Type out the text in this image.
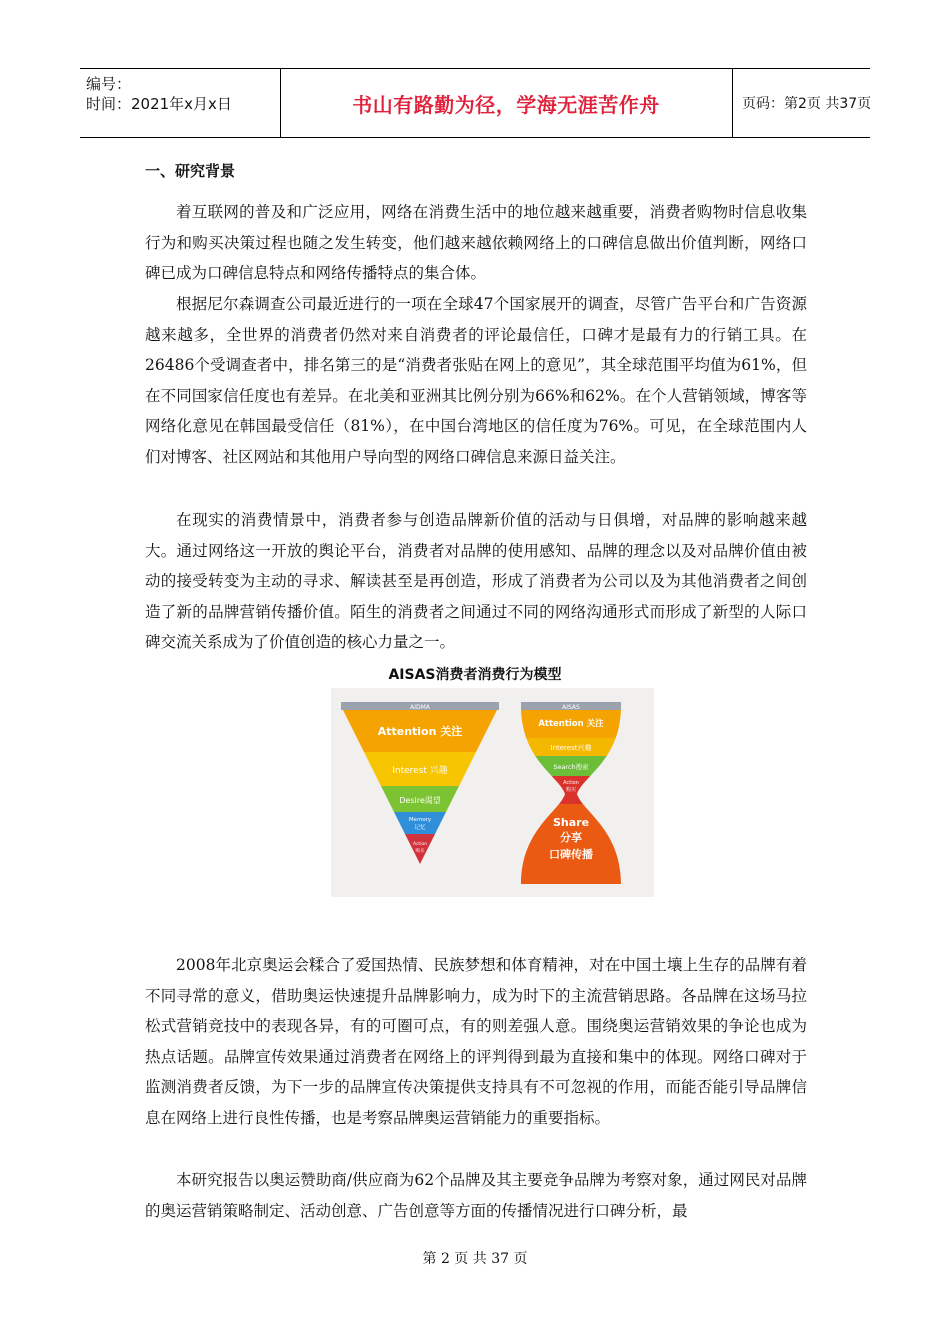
编号：
时间：2021年x月x日	书山有路勤为径，学海无涯苦作舟	页码：第2页 共37页
一、研究背景

着互联网的普及和广泛应用，网络在消费生活中的地位越来越重要，消费者购物时信息收集行为和购买决策过程也随之发生转变，他们越来越依赖网络上的口碑信息做出价值判断，网络口碑已成为口碑信息特点和网络传播特点的集合体。

根据尼尔森调查公司最近进行的一项在全球47个国家展开的调查，尽管广告平台和广告资源越来越多，全世界的消费者仍然对来自消费者的评论最信任，口碑才是最有力的行销工具。在26486个受调查者中，排名第三的是“消费者张贴在网上的意见”，其全球范围平均值为61%，但在不同国家信任度也有差异。在北美和亚洲其比例分别为66%和62%。在个人营销领域，博客等网络化意见在韩国最受信任（81%），在中国台湾地区的信任度为76%。可见，在全球范围内人们对博客、社区网站和其他用户导向型的网络口碑信息来源日益关注。

在现实的消费情景中，消费者参与创造品牌新价值的活动与日俱增，对品牌的影响越来越大。通过网络这一开放的舆论平台，消费者对品牌的使用感知、品牌的理念以及对品牌价值由被动的接受转变为主动的寻求、解读甚至是再创造，形成了消费者为公司以及为其他消费者之间创造了新的品牌营销传播价值。陌生的消费者之间通过不同的网络沟通形式而形成了新型的人际口碑交流关系成为了价值创造的核心力量之一。

AISAS消费者消费行为模型
AIDMA
Attention 关注
Interest 兴趣
Desire渴望
Memory
记忆
Action
购买
AISAS
Attention 关注
Interest兴趣
Search搜索
Action
购买
Share
分享
口碑传播

2008年北京奥运会糅合了爱国热情、民族梦想和体育精神，对在中国土壤上生存的品牌有着不同寻常的意义，借助奥运快速提升品牌影响力，成为时下的主流营销思路。各品牌在这场马拉松式营销竞技中的表现各异，有的可圈可点，有的则差强人意。围绕奥运营销效果的争论也成为热点话题。品牌宣传效果通过消费者在网络上的评判得到最为直接和集中的体现。网络口碑对于监测消费者反馈，为下一步的品牌宣传决策提供支持具有不可忽视的作用，而能否能引导品牌信息在网络上进行良性传播，也是考察品牌奥运营销能力的重要指标。

本研究报告以奥运赞助商/供应商为62个品牌及其主要竞争品牌为考察对象，通过网民对品牌的奥运营销策略制定、活动创意、广告创意等方面的传播情况进行口碑分析，最

第 2 页 共 37 页
